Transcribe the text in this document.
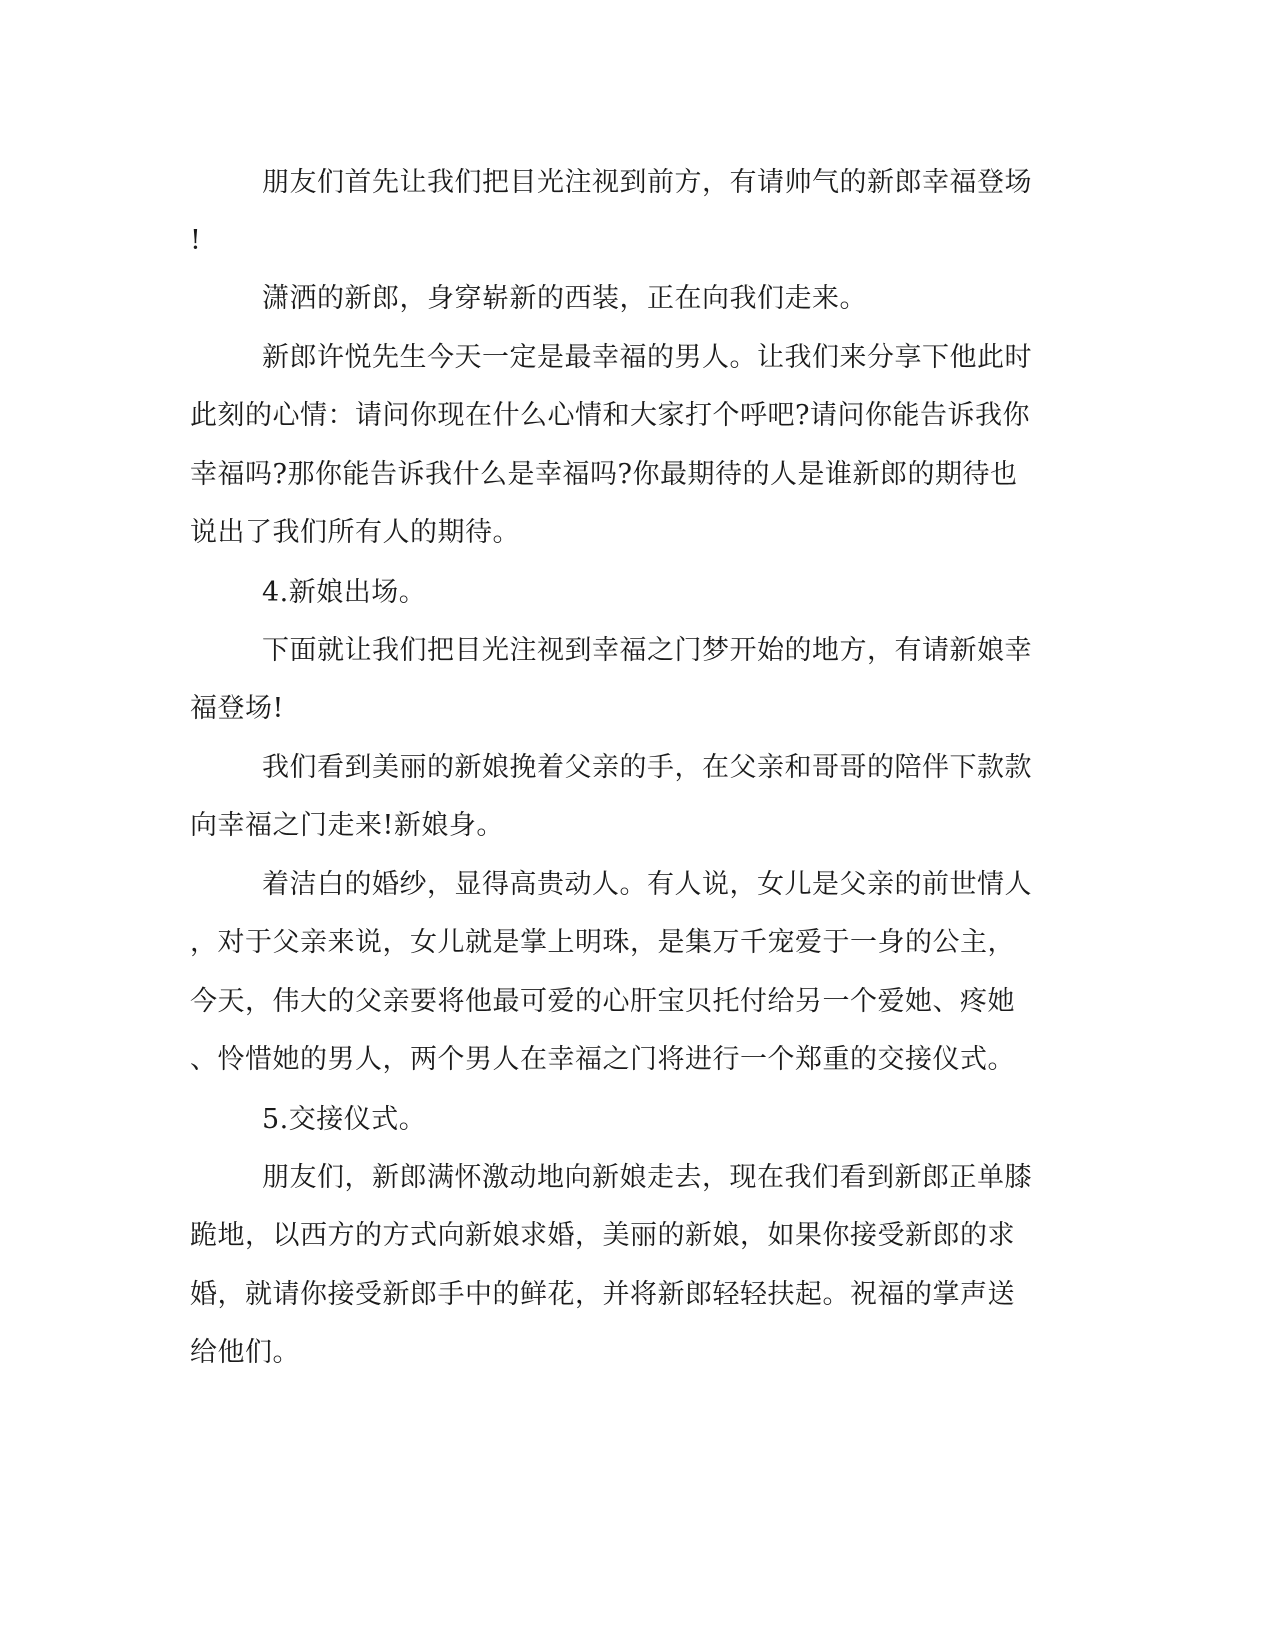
朋友们首先让我们把目光注视到前方，有请帅气的新郎幸福登场

!

潇洒的新郎，身穿崭新的西装，正在向我们走来。

新郎许悦先生今天一定是最幸福的男人。让我们来分享下他此时

此刻的心情：请问你现在什么心情和大家打个呼吧?请问你能告诉我你

幸福吗?那你能告诉我什么是幸福吗?你最期待的人是谁新郎的期待也

说出了我们所有人的期待。

4.新娘出场。

下面就让我们把目光注视到幸福之门梦开始的地方，有请新娘幸

福登场!

我们看到美丽的新娘挽着父亲的手，在父亲和哥哥的陪伴下款款

向幸福之门走来!新娘身。

着洁白的婚纱，显得高贵动人。有人说，女儿是父亲的前世情人

，对于父亲来说，女儿就是掌上明珠，是集万千宠爱于一身的公主，

今天，伟大的父亲要将他最可爱的心肝宝贝托付给另一个爱她、疼她

、怜惜她的男人，两个男人在幸福之门将进行一个郑重的交接仪式。

5.交接仪式。

朋友们，新郎满怀激动地向新娘走去，现在我们看到新郎正单膝

跪地，以西方的方式向新娘求婚，美丽的新娘，如果你接受新郎的求

婚，就请你接受新郎手中的鲜花，并将新郎轻轻扶起。祝福的掌声送

给他们。
